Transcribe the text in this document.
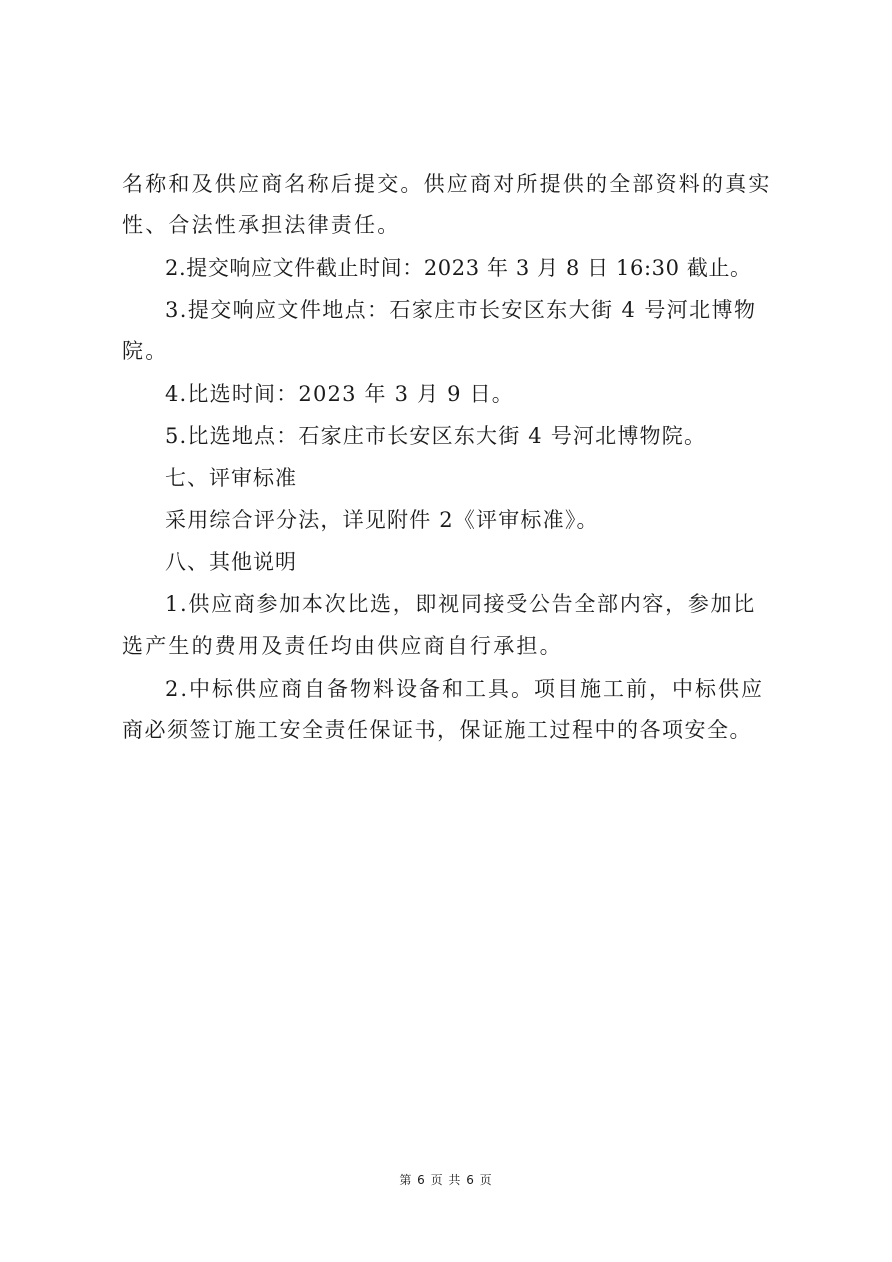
名称和及供应商名称后提交。供应商对所提供的全部资料的真实
性、合法性承担法律责任。
2.提交响应文件截止时间：2023 年 3 月 8 日 16:30 截止。
3.提交响应文件地点：石家庄市长安区东大街 4 号河北博物
院。
4.比选时间：2023 年 3 月 9 日。
5.比选地点：石家庄市长安区东大街 4 号河北博物院。
七、评审标准
采用综合评分法，详见附件 2《评审标准》。
八、其他说明
1.供应商参加本次比选，即视同接受公告全部内容，参加比
选产生的费用及责任均由供应商自行承担。
2.中标供应商自备物料设备和工具。项目施工前，中标供应
商必须签订施工安全责任保证书，保证施工过程中的各项安全。
第 6 页 共 6 页
